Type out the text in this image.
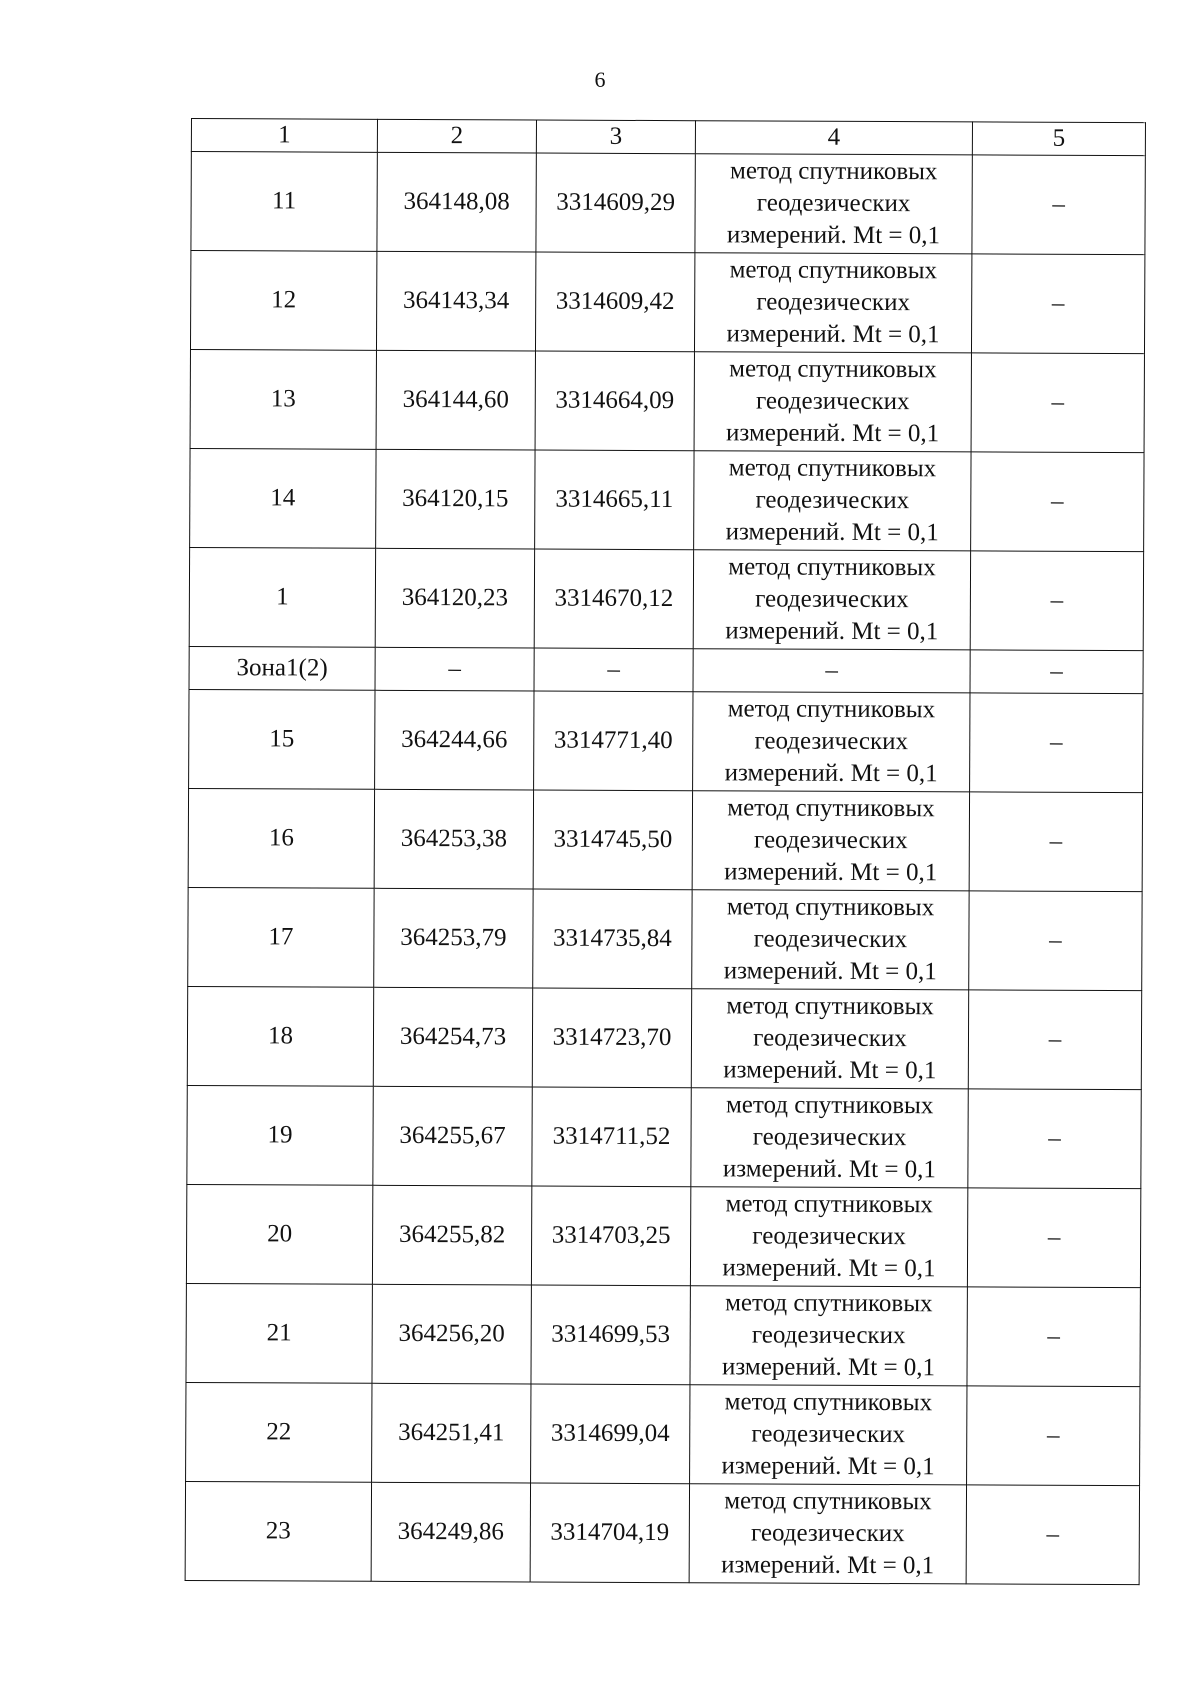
6
1	2	3	4	5
11	364148,08	3314609,29	метод спутниковых
геодезических
измерений. Mt = 0,1	–
12	364143,34	3314609,42	метод спутниковых
геодезических
измерений. Mt = 0,1	–
13	364144,60	3314664,09	метод спутниковых
геодезических
измерений. Mt = 0,1	–
14	364120,15	3314665,11	метод спутниковых
геодезических
измерений. Mt = 0,1	–
1	364120,23	3314670,12	метод спутниковых
геодезических
измерений. Mt = 0,1	–
Зона1(2)	–	–	–	–
15	364244,66	3314771,40	метод спутниковых
геодезических
измерений. Mt = 0,1	–
16	364253,38	3314745,50	метод спутниковых
геодезических
измерений. Mt = 0,1	–
17	364253,79	3314735,84	метод спутниковых
геодезических
измерений. Mt = 0,1	–
18	364254,73	3314723,70	метод спутниковых
геодезических
измерений. Mt = 0,1	–
19	364255,67	3314711,52	метод спутниковых
геодезических
измерений. Mt = 0,1	–
20	364255,82	3314703,25	метод спутниковых
геодезических
измерений. Mt = 0,1	–
21	364256,20	3314699,53	метод спутниковых
геодезических
измерений. Mt = 0,1	–
22	364251,41	3314699,04	метод спутниковых
геодезических
измерений. Mt = 0,1	–
23	364249,86	3314704,19	метод спутниковых
геодезических
измерений. Mt = 0,1	–
